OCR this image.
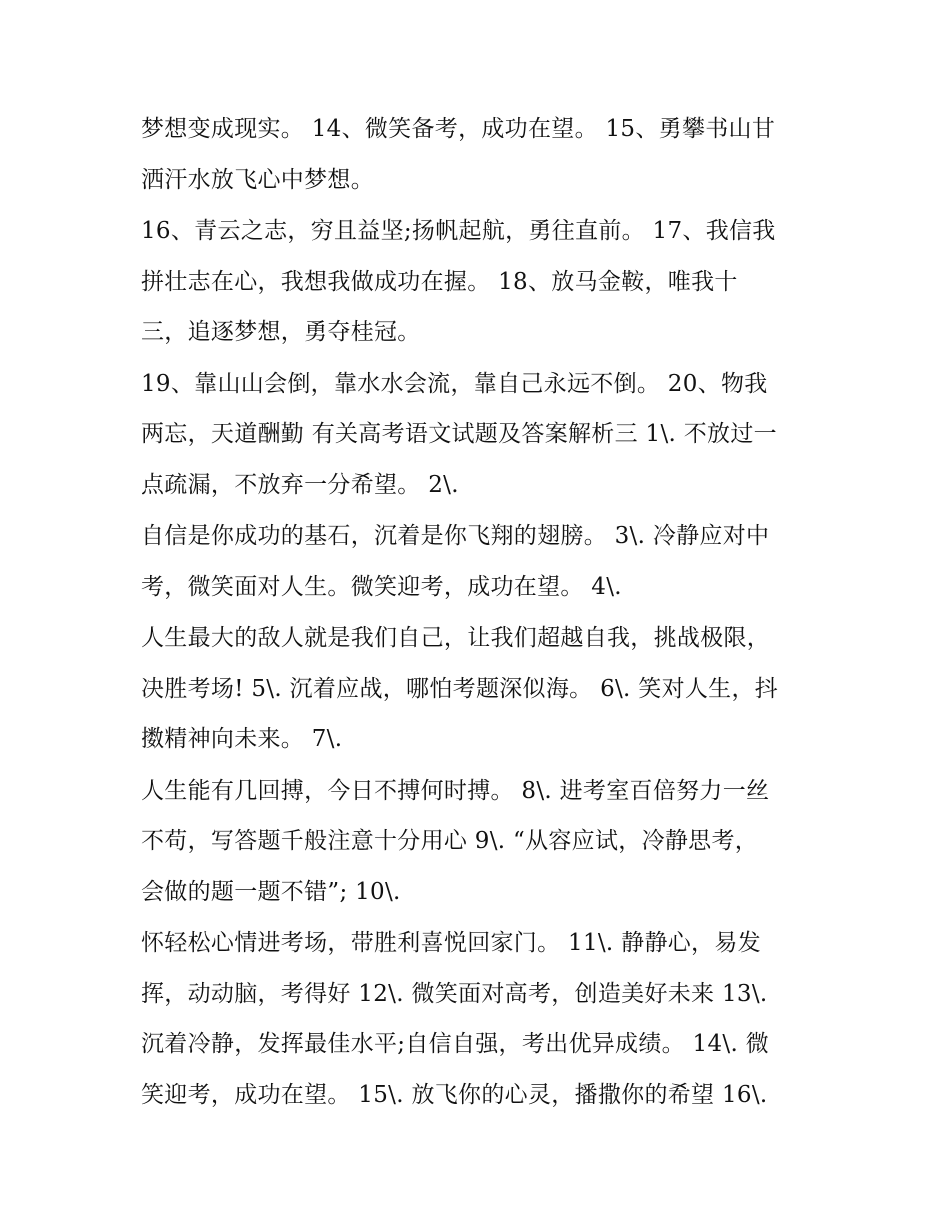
梦想变成现实。 14、微笑备考，成功在望。 15、勇攀书山甘
洒汗水放飞心中梦想。
16、青云之志，穷且益坚;扬帆起航，勇往直前。 17、我信我
拼壮志在心，我想我做成功在握。 18、放马金鞍，唯我十
三，追逐梦想，勇夺桂冠。
19、靠山山会倒，靠水水会流，靠自己永远不倒。 20、物我
两忘，天道酬勤 有关高考语文试题及答案解析三 1\. 不放过一
点疏漏，不放弃一分希望。 2\.
自信是你成功的基石，沉着是你飞翔的翅膀。 3\. 冷静应对中
考，微笑面对人生。微笑迎考，成功在望。 4\.
人生最大的敌人就是我们自己，让我们超越自我，挑战极限，
决胜考场! 5\. 沉着应战，哪怕考题深似海。 6\. 笑对人生，抖
擞精神向未来。 7\.
人生能有几回搏，今日不搏何时搏。 8\. 进考室百倍努力一丝
不苟，写答题千般注意十分用心 9\. “从容应试，冷静思考，
会做的题一题不错”; 10\.
怀轻松心情进考场，带胜利喜悦回家门。 11\. 静静心，易发
挥，动动脑，考得好 12\. 微笑面对高考，创造美好未来 13\.
沉着冷静，发挥最佳水平;自信自强，考出优异成绩。 14\. 微
笑迎考，成功在望。 15\. 放飞你的心灵，播撒你的希望 16\.
